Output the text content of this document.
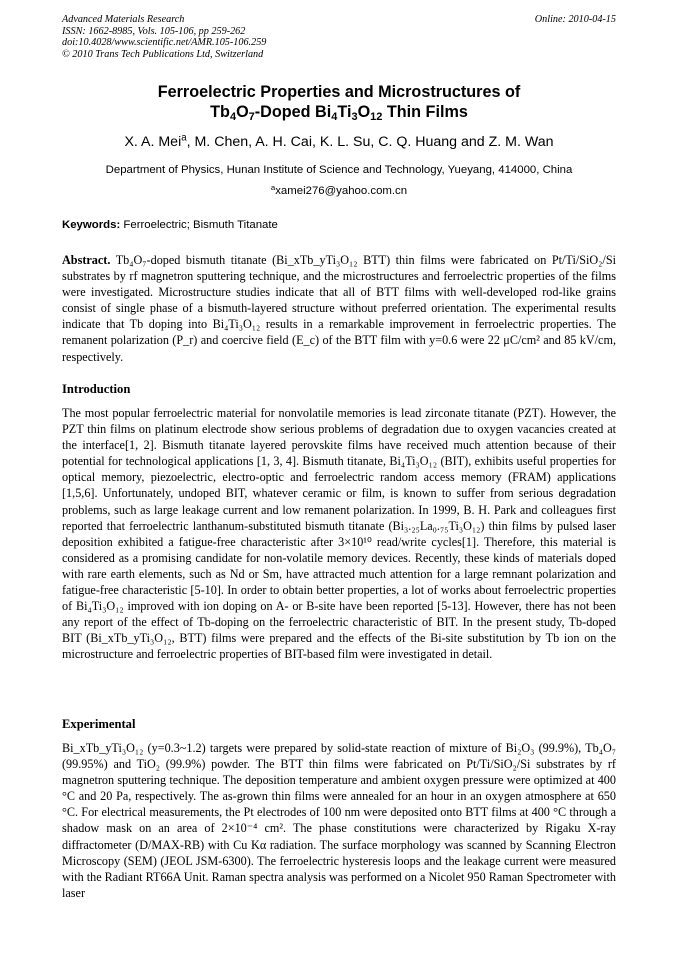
Advanced Materials Research
ISSN: 1662-8985, Vols. 105-106, pp 259-262
doi:10.4028/www.scientific.net/AMR.105-106.259
© 2010 Trans Tech Publications Ltd, Switzerland
Online: 2010-04-15
Ferroelectric Properties and Microstructures of
$Tb_4O_7$-Doped $Bi_4Ti_3O_{12}$ Thin Films
X. A. Mei$^a$, M. Chen, A. H. Cai, K. L. Su, C. Q. Huang and Z. M. Wan
Department of Physics, Hunan Institute of Science and Technology, Yueyang, 414000, China
$^a$xamei276@yahoo.com.cn
Keywords: Ferroelectric; Bismuth Titanate

Abstract. Tb₄O₇-doped bismuth titanate (Bi_xTb_yTi₃O₁₂ BTT) thin films were fabricated on Pt/Ti/SiO₂/Si substrates by rf magnetron sputtering technique, and the microstructures and ferroelectric properties of the films were investigated. Microstructure studies indicate that all of BTT films with well-developed rod-like grains consist of single phase of a bismuth-layered structure without preferred orientation. The experimental results indicate that Tb doping into Bi₄Ti₃O₁₂ results in a remarkable improvement in ferroelectric properties. The remanent polarization (P_r) and coercive field (E_c) of the BTT film with y=0.6 were 22 μC/cm² and 85 kV/cm, respectively.

Introduction

The most popular ferroelectric material for nonvolatile memories is lead zirconate titanate (PZT). However, the PZT thin films on platinum electrode show serious problems of degradation due to oxygen vacancies created at the interface[1, 2]. Bismuth titanate layered perovskite films have received much attention because of their potential for technological applications [1, 3, 4]. Bismuth titanate, Bi₄Ti₃O₁₂ (BIT), exhibits useful properties for optical memory, piezoelectric, electro-optic and ferroelectric random access memory (FRAM) applications [1,5,6]. Unfortunately, undoped BIT, whatever ceramic or film, is known to suffer from serious degradation problems, such as large leakage current and low remanent polarization. In 1999, B. H. Park and colleagues first reported that ferroelectric lanthanum-substituted bismuth titanate (Bi₃.₂₅La₀.₇₅Ti₃O₁₂) thin films by pulsed laser deposition exhibited a fatigue-free characteristic after 3×10¹⁰ read/write cycles[1]. Therefore, this material is considered as a promising candidate for non-volatile memory devices. Recently, these kinds of materials doped with rare earth elements, such as Nd or Sm, have attracted much attention for a large remnant polarization and fatigue-free characteristic [5-10]. In order to obtain better properties, a lot of works about ferroelectric properties of Bi₄Ti₃O₁₂ improved with ion doping on A- or B-site have been reported [5-13]. However, there has not been any report of the effect of Tb-doping on the ferroelectric characteristic of BIT. In the present study, Tb-doped BIT (Bi_xTb_yTi₃O₁₂, BTT) films were prepared and the effects of the Bi-site substitution by Tb ion on the microstructure and ferroelectric properties of BIT-based film were investigated in detail.

Experimental

Bi_xTb_yTi₃O₁₂ (y=0.3~1.2) targets were prepared by solid-state reaction of mixture of Bi₂O₃ (99.9%), Tb₄O₇ (99.95%) and TiO₂ (99.9%) powder. The BTT thin films were fabricated on Pt/Ti/SiO₂/Si substrates by rf magnetron sputtering technique. The deposition temperature and ambient oxygen pressure were optimized at 400 °C and 20 Pa, respectively. The as-grown thin films were annealed for an hour in an oxygen atmosphere at 650 °C. For electrical measurements, the Pt electrodes of 100 nm were deposited onto BTT films at 400 °C through a shadow mask on an area of 2×10⁻⁴ cm². The phase constitutions were characterized by Rigaku X-ray diffractometer (D/MAX-RB) with Cu Kα radiation. The surface morphology was scanned by Scanning Electron Microscopy (SEM) (JEOL JSM-6300). The ferroelectric hysteresis loops and the leakage current were measured with the Radiant RT66A Unit. Raman spectra analysis was performed on a Nicolet 950 Raman Spectrometer with laser
